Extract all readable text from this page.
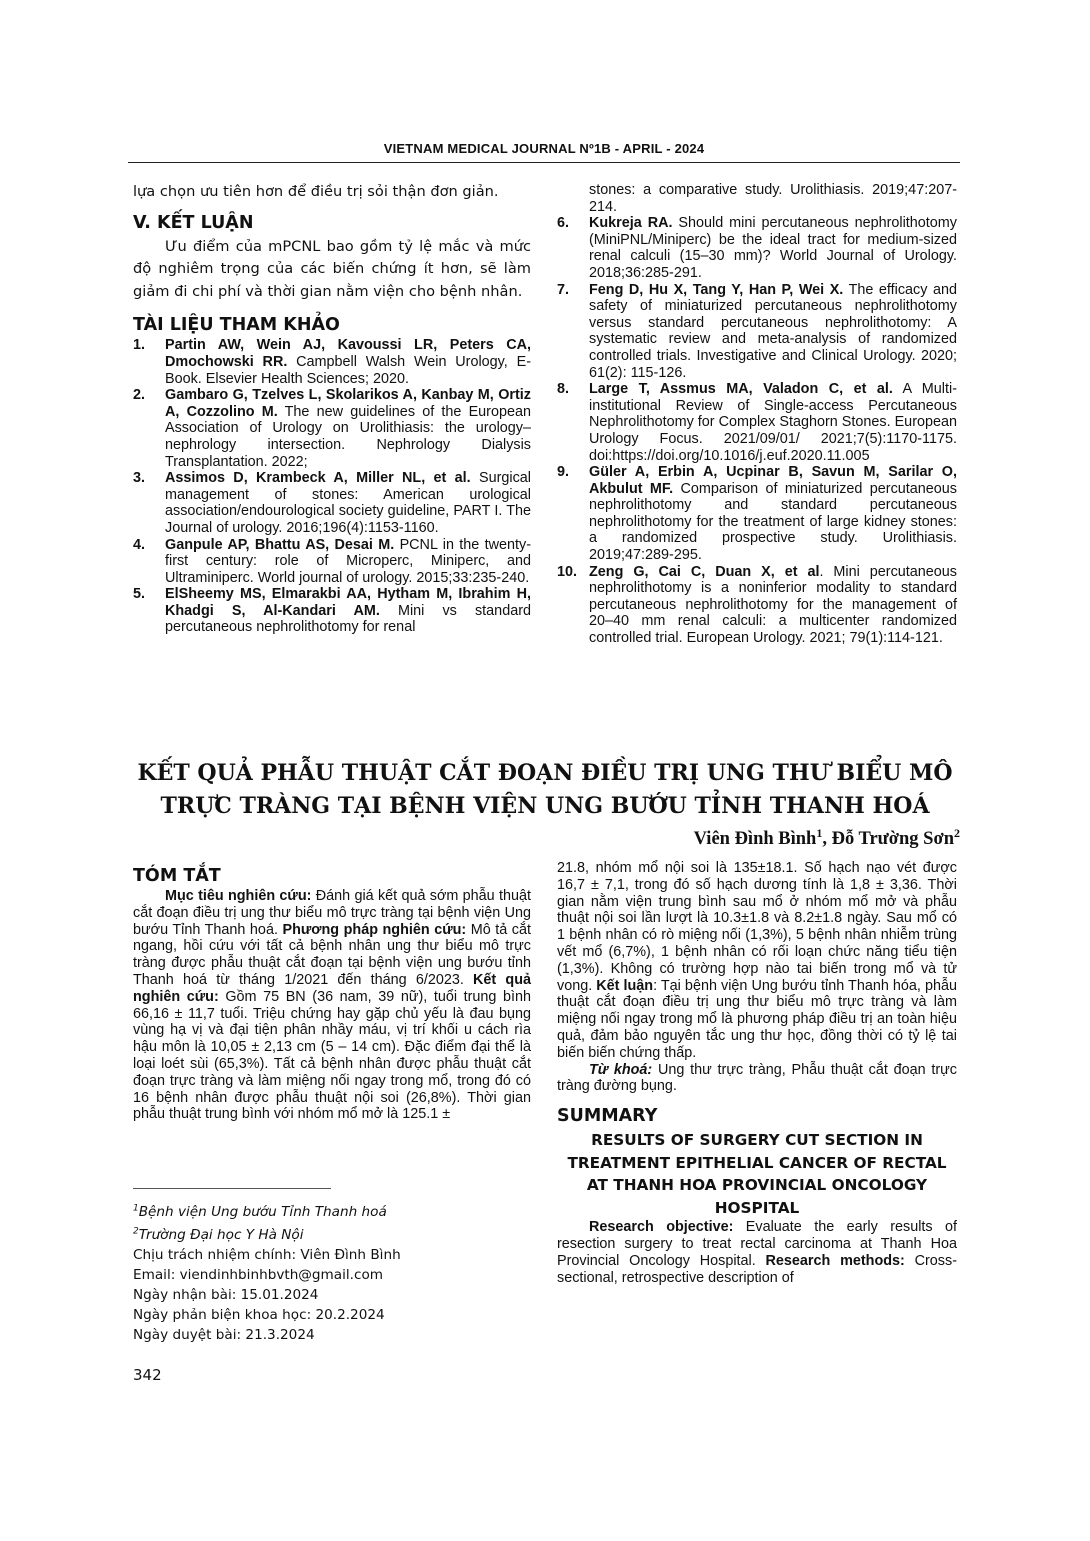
VIETNAM MEDICAL JOURNAL Nº1B - APRIL - 2024

lựa chọn ưu tiên hơn để điều trị sỏi thận đơn giản.

V. KẾT LUẬN

Ưu điểm của mPCNL bao gồm tỷ lệ mắc và mức độ nghiêm trọng của các biến chứng ít hơn, sẽ làm giảm đi chi phí và thời gian nằm viện cho bệnh nhân.

TÀI LIỆU THAM KHẢO

1. Partin AW, Wein AJ, Kavoussi LR, Peters CA, Dmochowski RR. Campbell Walsh Wein Urology, E-Book. Elsevier Health Sciences; 2020.

2. Gambaro G, Tzelves L, Skolarikos A, Kanbay M, Ortiz A, Cozzolino M. The new guidelines of the European Association of Urology on Urolithiasis: the urology–nephrology intersection. Nephrology Dialysis Transplantation. 2022;

3. Assimos D, Krambeck A, Miller NL, et al. Surgical management of stones: American urological association/endourological society guideline, PART I. The Journal of urology. 2016;196(4):1153-1160.

4. Ganpule AP, Bhattu AS, Desai M. PCNL in the twenty-first century: role of Microperc, Miniperc, and Ultraminiperc. World journal of urology. 2015;33:235-240.

5. ElSheemy MS, Elmarakbi AA, Hytham M, Ibrahim H, Khadgi S, Al-Kandari AM. Mini vs standard percutaneous nephrolithotomy for renal

stones: a comparative study. Urolithiasis. 2019;47:207-214.

6. Kukreja RA. Should mini percutaneous nephrolithotomy (MiniPNL/Miniperc) be the ideal tract for medium-sized renal calculi (15–30 mm)? World Journal of Urology. 2018;36:285-291.

7. Feng D, Hu X, Tang Y, Han P, Wei X. The efficacy and safety of miniaturized percutaneous nephrolithotomy versus standard percutaneous nephrolithotomy: A systematic review and meta-analysis of randomized controlled trials. Investigative and Clinical Urology. 2020; 61(2): 115-126.

8. Large T, Assmus MA, Valadon C, et al. A Multi-institutional Review of Single-access Percutaneous Nephrolithotomy for Complex Staghorn Stones. European Urology Focus. 2021/09/01/ 2021;7(5):1170-1175. doi:https://doi.org/10.1016/j.euf.2020.11.005

9. Güler A, Erbin A, Ucpinar B, Savun M, Sarilar O, Akbulut MF. Comparison of miniaturized percutaneous nephrolithotomy and standard percutaneous nephrolithotomy for the treatment of large kidney stones: a randomized prospective study. Urolithiasis. 2019;47:289-295.

10. Zeng G, Cai C, Duan X, et al. Mini percutaneous nephrolithotomy is a noninferior modality to standard percutaneous nephrolithotomy for the management of 20–40 mm renal calculi: a multicenter randomized controlled trial. European Urology. 2021; 79(1):114-121.

KẾT QUẢ PHẪU THUẬT CẮT ĐOẠN ĐIỀU TRỊ UNG THƯ BIỂU MÔ
TRỰC TRÀNG TẠI BỆNH VIỆN UNG BƯỚU TỈNH THANH HOÁ
Viên Đình Bình$^1$, Đỗ Trường Sơn$^2$

TÓM TẮT

Mục tiêu nghiên cứu: Đánh giá kết quả sớm phẫu thuật cắt đoạn điều trị ung thư biểu mô trực tràng tại bệnh viện Ung bướu Tỉnh Thanh hoá. Phương pháp nghiên cứu: Mô tả cắt ngang, hồi cứu với tất cả bệnh nhân ung thư biểu mô trực tràng được phẫu thuật cắt đoạn tại bệnh viện ung bướu tỉnh Thanh hoá từ tháng 1/2021 đến tháng 6/2023. Kết quả nghiên cứu: Gồm 75 BN (36 nam, 39 nữ), tuổi trung bình 66,16 ± 11,7 tuổi. Triệu chứng hay gặp chủ yếu là đau bụng vùng hạ vị và đại tiện phân nhầy máu, vị trí khối u cách rìa hậu môn là 10,05 ± 2,13 cm (5 – 14 cm). Đặc điểm đại thể là loại loét sùi (65,3%). Tất cả bệnh nhân được phẫu thuật cắt đoạn trực tràng và làm miệng nối ngay trong mổ, trong đó có 16 bệnh nhân được phẫu thuật nội soi (26,8%). Thời gian phẫu thuật trung bình với nhóm mổ mở là 125.1 ±

21.8, nhóm mổ nội soi là 135±18.1. Số hạch nạo vét được 16,7 ± 7,1, trong đó số hạch dương tính là 1,8 ± 3,36. Thời gian nằm viện trung bình sau mổ ở nhóm mổ mở và phẫu thuật nội soi lần lượt là 10.3±1.8 và 8.2±1.8 ngày. Sau mổ có 1 bệnh nhân có rò miệng nối (1,3%), 5 bệnh nhân nhiễm trùng vết mổ (6,7%), 1 bệnh nhân có rối loạn chức năng tiểu tiện (1,3%). Không có trường hợp nào tai biến trong mổ và tử vong. Kết luận: Tại bệnh viện Ung bướu tỉnh Thanh hóa, phẫu thuật cắt đoạn điều trị ung thư biểu mô trực tràng và làm miệng nối ngay trong mổ là phương pháp điều trị an toàn hiệu quả, đảm bảo nguyên tắc ung thư học, đồng thời có tỷ lệ tai biến biến chứng thấp.

Từ khoá: Ung thư trực tràng, Phẫu thuật cắt đoạn trực tràng đường bụng.

SUMMARY

RESULTS OF SURGERY CUT SECTION IN TREATMENT EPITHELIAL CANCER OF RECTAL AT THANH HOA PROVINCIAL ONCOLOGY HOSPITAL

Research objective: Evaluate the early results of resection surgery to treat rectal carcinoma at Thanh Hoa Provincial Oncology Hospital. Research methods: Cross-sectional, retrospective description of

$^1$Bệnh viện Ung bướu Tỉnh Thanh hoá
$^2$Trường Đại học Y Hà Nội
Chịu trách nhiệm chính: Viên Đình Bình
Email: viendinhbinhbvth@gmail.com
Ngày nhận bài: 15.01.2024
Ngày phản biện khoa học: 20.2.2024
Ngày duyệt bài: 21.3.2024
342
